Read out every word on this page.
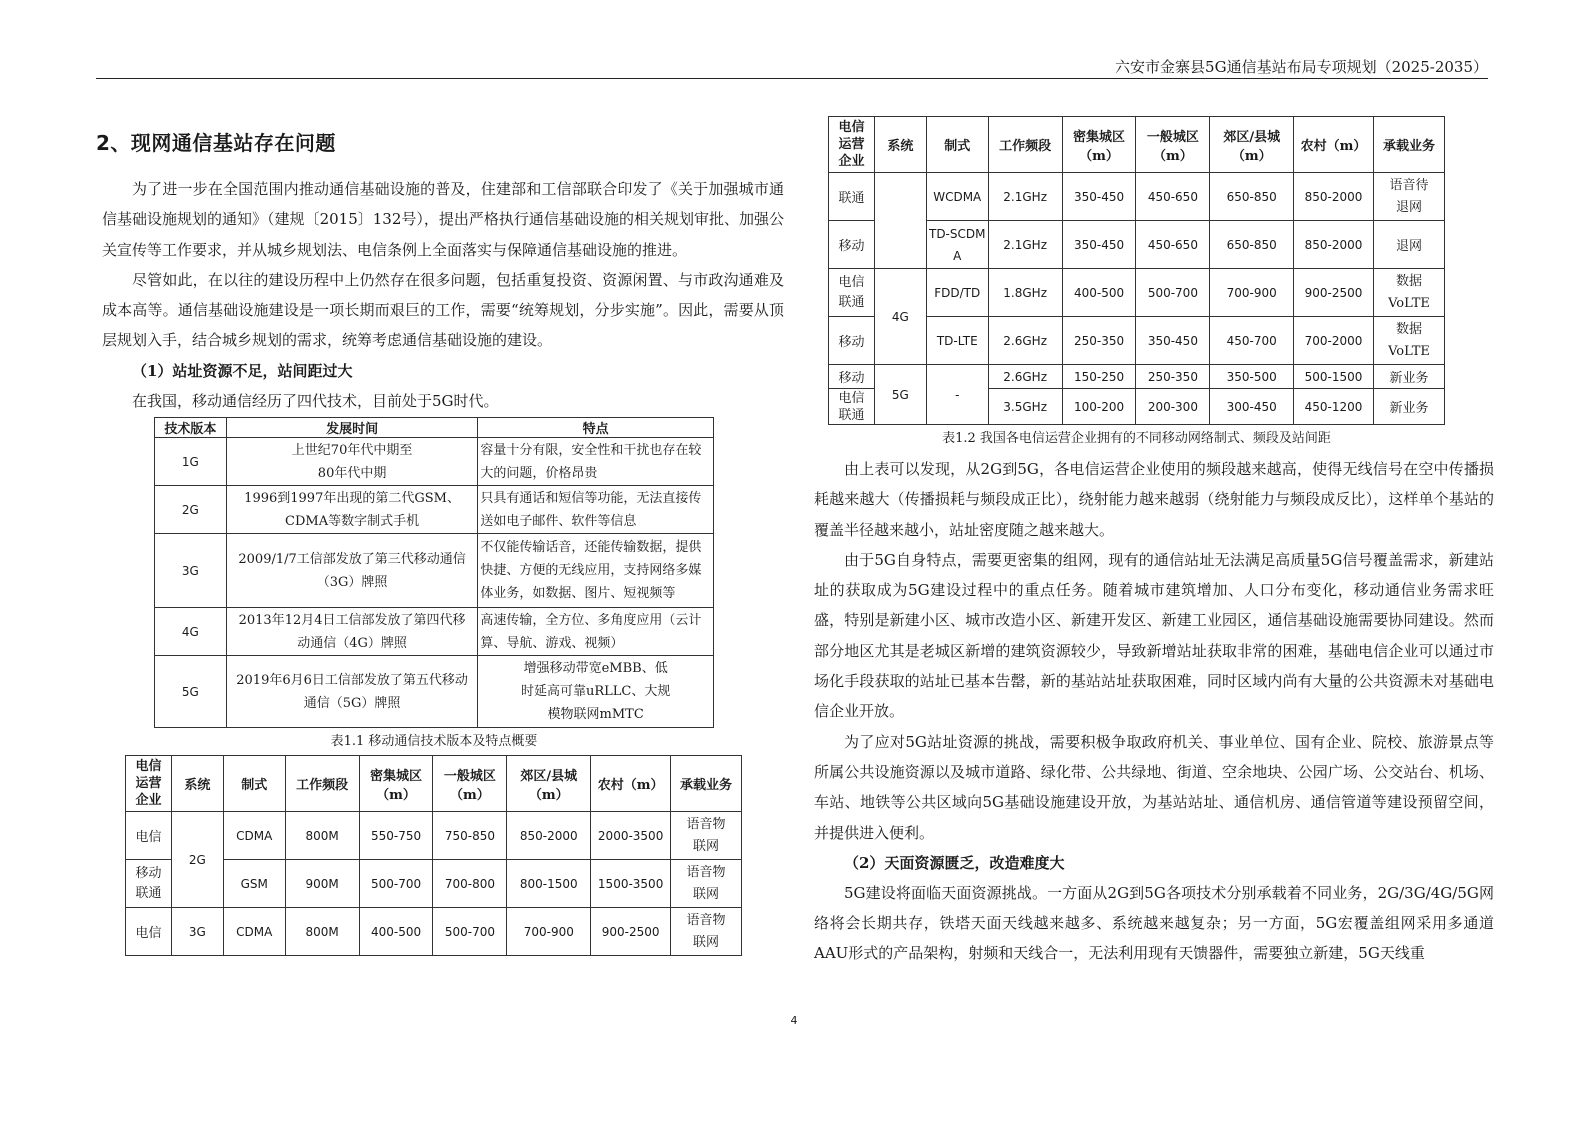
六安市金寨县5G通信基站布局专项规划（2025-2035）
2、现网通信基站存在问题

为了进一步在全国范围内推动通信基础设施的普及，住建部和工信部联合印发了《关于加强城市通信基础设施规划的通知》（建规〔2015〕132号），提出严格执行通信基础设施的相关规划审批、加强公关宣传等工作要求，并从城乡规划法、电信条例上全面落实与保障通信基础设施的推进。

尽管如此，在以往的建设历程中上仍然存在很多问题，包括重复投资、资源闲置、与市政沟通难及成本高等。通信基础设施建设是一项长期而艰巨的工作，需要“统筹规划，分步实施”。因此，需要从顶层规划入手，结合城乡规划的需求，统筹考虑通信基础设施的建设。

（1）站址资源不足，站间距过大

在我国，移动通信经历了四代技术，目前处于5G时代。

技术版本	发展时间	特点
1G	上世纪70年代中期至80年代中期	容量十分有限，安全性和干扰也存在较大的问题，价格昂贵
2G	1996到1997年出现的第二代GSM、CDMA等数字制式手机	只具有通话和短信等功能，无法直接传送如电子邮件、软件等信息
3G	2009/1/7工信部发放了第三代移动通信（3G）牌照	不仅能传输话音，还能传输数据，提供快捷、方便的无线应用，支持网络多媒体业务，如数据、图片、短视频等
4G	2013年12月4日工信部发放了第四代移动通信（4G）牌照	高速传输，全方位、多角度应用（云计算、导航、游戏、视频）
5G	2019年6月6日工信部发放了第五代移动通信（5G）牌照	增强移动带宽eMBB、低时延高可靠uRLLC、大规模物联网mMTC
表1.1 移动通信技术版本及特点概要
电信运营企业	系统	制式	工作频段	密集城区（m）	一般城区（m）	郊区/县城（m）	农村（m）	承载业务
电信	2G	CDMA	800M	550-750	750-850	850-2000	2000-3500	语音物联网
移动联通		GSM	900M	500-700	700-800	800-1500	1500-3500	语音物联网
电信	3G	CDMA	800M	400-500	500-700	700-900	900-2500	语音物联网
电信运营企业	系统	制式	工作频段	密集城区（m）	一般城区（m）	郊区/县城（m）	农村（m）	承载业务
联通		WCDMA	2.1GHz	350-450	450-650	650-850	850-2000	语音待退网
移动		TD-SCDMA	2.1GHz	350-450	450-650	650-850	850-2000	退网
电信联通	4G	FDD/TD	1.8GHz	400-500	500-700	700-900	900-2500	数据VoLTE
移动		TD-LTE	2.6GHz	250-350	350-450	450-700	700-2000	数据VoLTE
移动	5G	-	2.6GHz	150-250	250-350	350-500	500-1500	新业务
电信联通			3.5GHz	100-200	200-300	300-450	450-1200	新业务
表1.2 我国各电信运营企业拥有的不同移动网络制式、频段及站间距

由上表可以发现，从2G到5G，各电信运营企业使用的频段越来越高，使得无线信号在空中传播损耗越来越大（传播损耗与频段成正比），绕射能力越来越弱（绕射能力与频段成反比），这样单个基站的覆盖半径越来越小，站址密度随之越来越大。

由于5G自身特点，需要更密集的组网，现有的通信站址无法满足高质量5G信号覆盖需求，新建站址的获取成为5G建设过程中的重点任务。随着城市建筑增加、人口分布变化，移动通信业务需求旺盛，特别是新建小区、城市改造小区、新建开发区、新建工业园区，通信基础设施需要协同建设。然而部分地区尤其是老城区新增的建筑资源较少，导致新增站址获取非常的困难，基础电信企业可以通过市场化手段获取的站址已基本告罄，新的基站站址获取困难，同时区域内尚有大量的公共资源未对基础电信企业开放。

为了应对5G站址资源的挑战，需要积极争取政府机关、事业单位、国有企业、院校、旅游景点等所属公共设施资源以及城市道路、绿化带、公共绿地、街道、空余地块、公园广场、公交站台、机场、车站、地铁等公共区域向5G基础设施建设开放，为基站站址、通信机房、通信管道等建设预留空间，并提供进入便利。

（2）天面资源匮乏，改造难度大

5G建设将面临天面资源挑战。一方面从2G到5G各项技术分别承载着不同业务，2G/3G/4G/5G网络将会长期共存，铁塔天面天线越来越多、系统越来越复杂；另一方面，5G宏覆盖组网采用多通道AAU形式的产品架构，射频和天线合一，无法利用现有天馈器件，需要独立新建，5G天线重

4
